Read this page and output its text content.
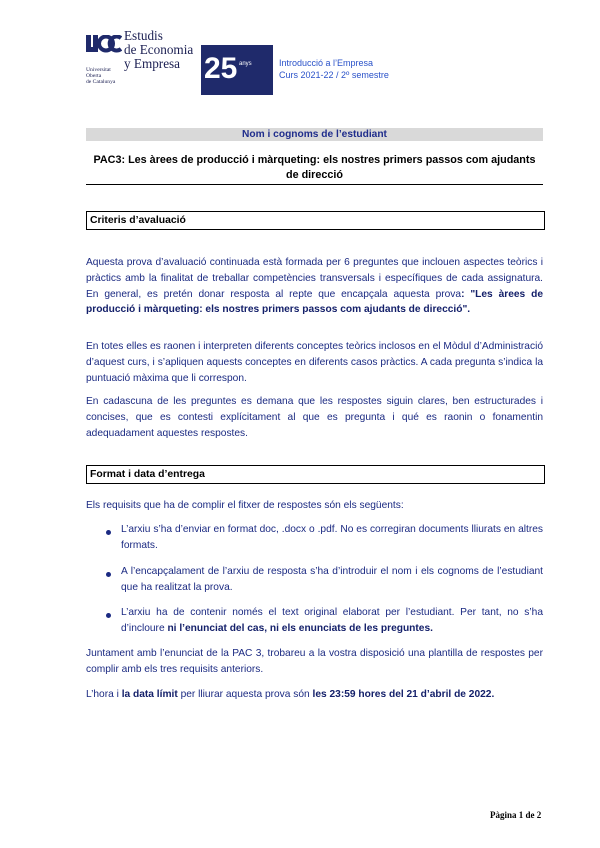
Universitat
Oberta
de Catalunya
Estudis
de Economia
y Empresa 25 anys	Introducció a l’Empresa
Curs 2021-22 / 2º semestre
Nom i cognoms de l’estudiant
PAC3: Les àrees de producció i màrqueting: els nostres primers passos com ajudants
de direcció
Criteris d’avaluació
Aquesta prova d’avaluació continuada està formada per 6 preguntes que inclouen aspectes teòrics i pràctics amb la finalitat de treballar competències transversals i específiques de cada assignatura. En general, es pretén donar resposta al repte que encapçala aquesta prova: "Les àrees de producció i màrqueting: els nostres primers passos com ajudants de direcció".
En totes elles es raonen i interpreten diferents conceptes teòrics inclosos en el Mòdul d’Administració d’aquest curs, i s’apliquen aquests conceptes en diferents casos pràctics. A cada pregunta s’indica la puntuació màxima que li correspon.
En cadascuna de les preguntes es demana que les respostes siguin clares, ben estructurades i concises, que es contesti explícitament al que es pregunta i qué es raonin o fonamentin adequadament aquestes respostes.
Format i data d’entrega
Els requisits que ha de complir el fitxer de respostes són els següents:
L’arxiu s’ha d’enviar en format doc, .docx o .pdf. No es corregiran documents lliurats en altres formats.
A l’encapçalament de l’arxiu de resposta s’ha d’introduir el nom i els cognoms de l’estudiant que ha realitzat la prova.
L’arxiu ha de contenir només el text original elaborat per l’estudiant. Per tant, no s’ha d’incloure ni l’enunciat del cas, ni els enunciats de les preguntes.
Juntament amb l’enunciat de la PAC 3, trobareu a la vostra disposició una plantilla de respostes per complir amb els tres requisits anteriors.
L’hora i la data límit per lliurar aquesta prova són les 23:59 hores del 21 d’abril de 2022.
Pàgina 1 de 2
